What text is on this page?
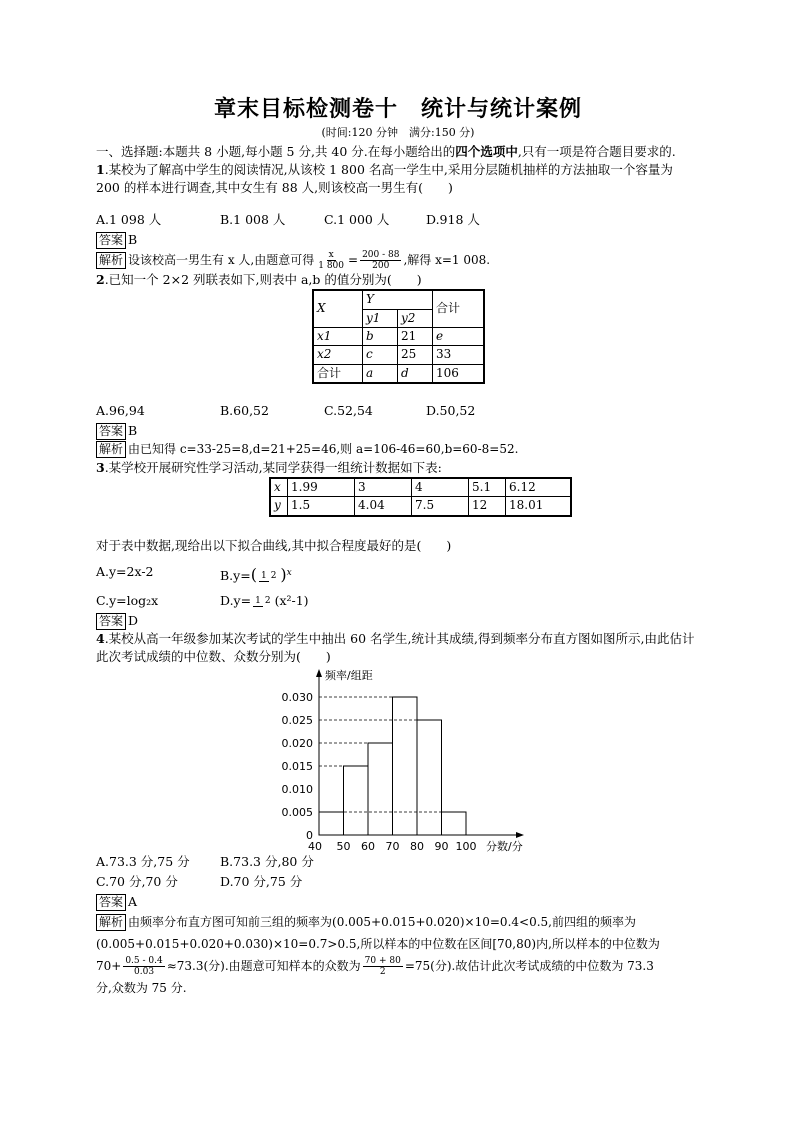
章末目标检测卷十　统计与统计案例

(时间:120 分钟　满分:150 分)

一、选择题:本题共 8 小题,每小题 5 分,共 40 分.在每小题给出的四个选项中,只有一项是符合题目要求的.

1.某校为了解高中学生的阅读情况,从该校 1 800 名高一学生中,采用分层随机抽样的方法抽取一个容量为 200 的样本进行调查,其中女生有 88 人,则该校高一男生有(　　)

A.1 098 人	B.1 008 人	C.1 000 人	D.918 人

答案 B

解析 设该校高一男生有 x 人,由题意可得 $\frac{x}{1 800} = \frac{200 - 88}{200}$ ,解得 x=1 008.

2.已知一个 2×2 列联表如下,则表中 a,b 的值分别为(　　)

X	Y		合计
	y1	y2	
x1	b	21	e
x2	c	25	33
合计	a	d	106
A.96,94	B.60,52	C.52,54	D.50,52

答案 B

解析 由已知得 c=33-25=8,d=21+25=46,则 a=106-46=60,b=60-8=52.

3.某学校开展研究性学习活动,某同学获得一组统计数据如下表:

x	1.99	3	4	5.1	6.12
y	1.5	4.04	7.5	12	18.01

对于表中数据,现给出以下拟合曲线,其中拟合程度最好的是(　　)

A.y=2x-2	B.y=( 1 2 )$^x$
C.y=log₂x	D.y= 1 2 (x²-1)

答案 D

4.某校从高一年级参加某次考试的学生中抽出 60 名学生,统计其成绩,得到频率分布直方图如图所示,由此估计此次考试成绩的中位数、众数分别为(　　)

0
0.005
0.010
0.015
0.020
0.025
0.030
40 50 60 70 80 90 100
频率/组距
分数/分
A.73.3 分,75 分	B.73.3 分,80 分
C.70 分,70 分	D.70 分,75 分

答案 A

解析 由频率分布直方图可知前三组的频率为(0.005+0.015+0.020)×10=0.4<0.5,前四组的频率为

(0.005+0.015+0.020+0.030)×10=0.7>0.5,所以样本的中位数在区间[70,80)内,所以样本的中位数为

$70+ \frac{0.5 - 0.4}{0.03} \approx 73.3$(分).由题意可知样本的众数为 $\frac{70 + 80}{2} =75$(分).故估计此次考试成绩的中位数为 73.3

分,众数为 75 分.
